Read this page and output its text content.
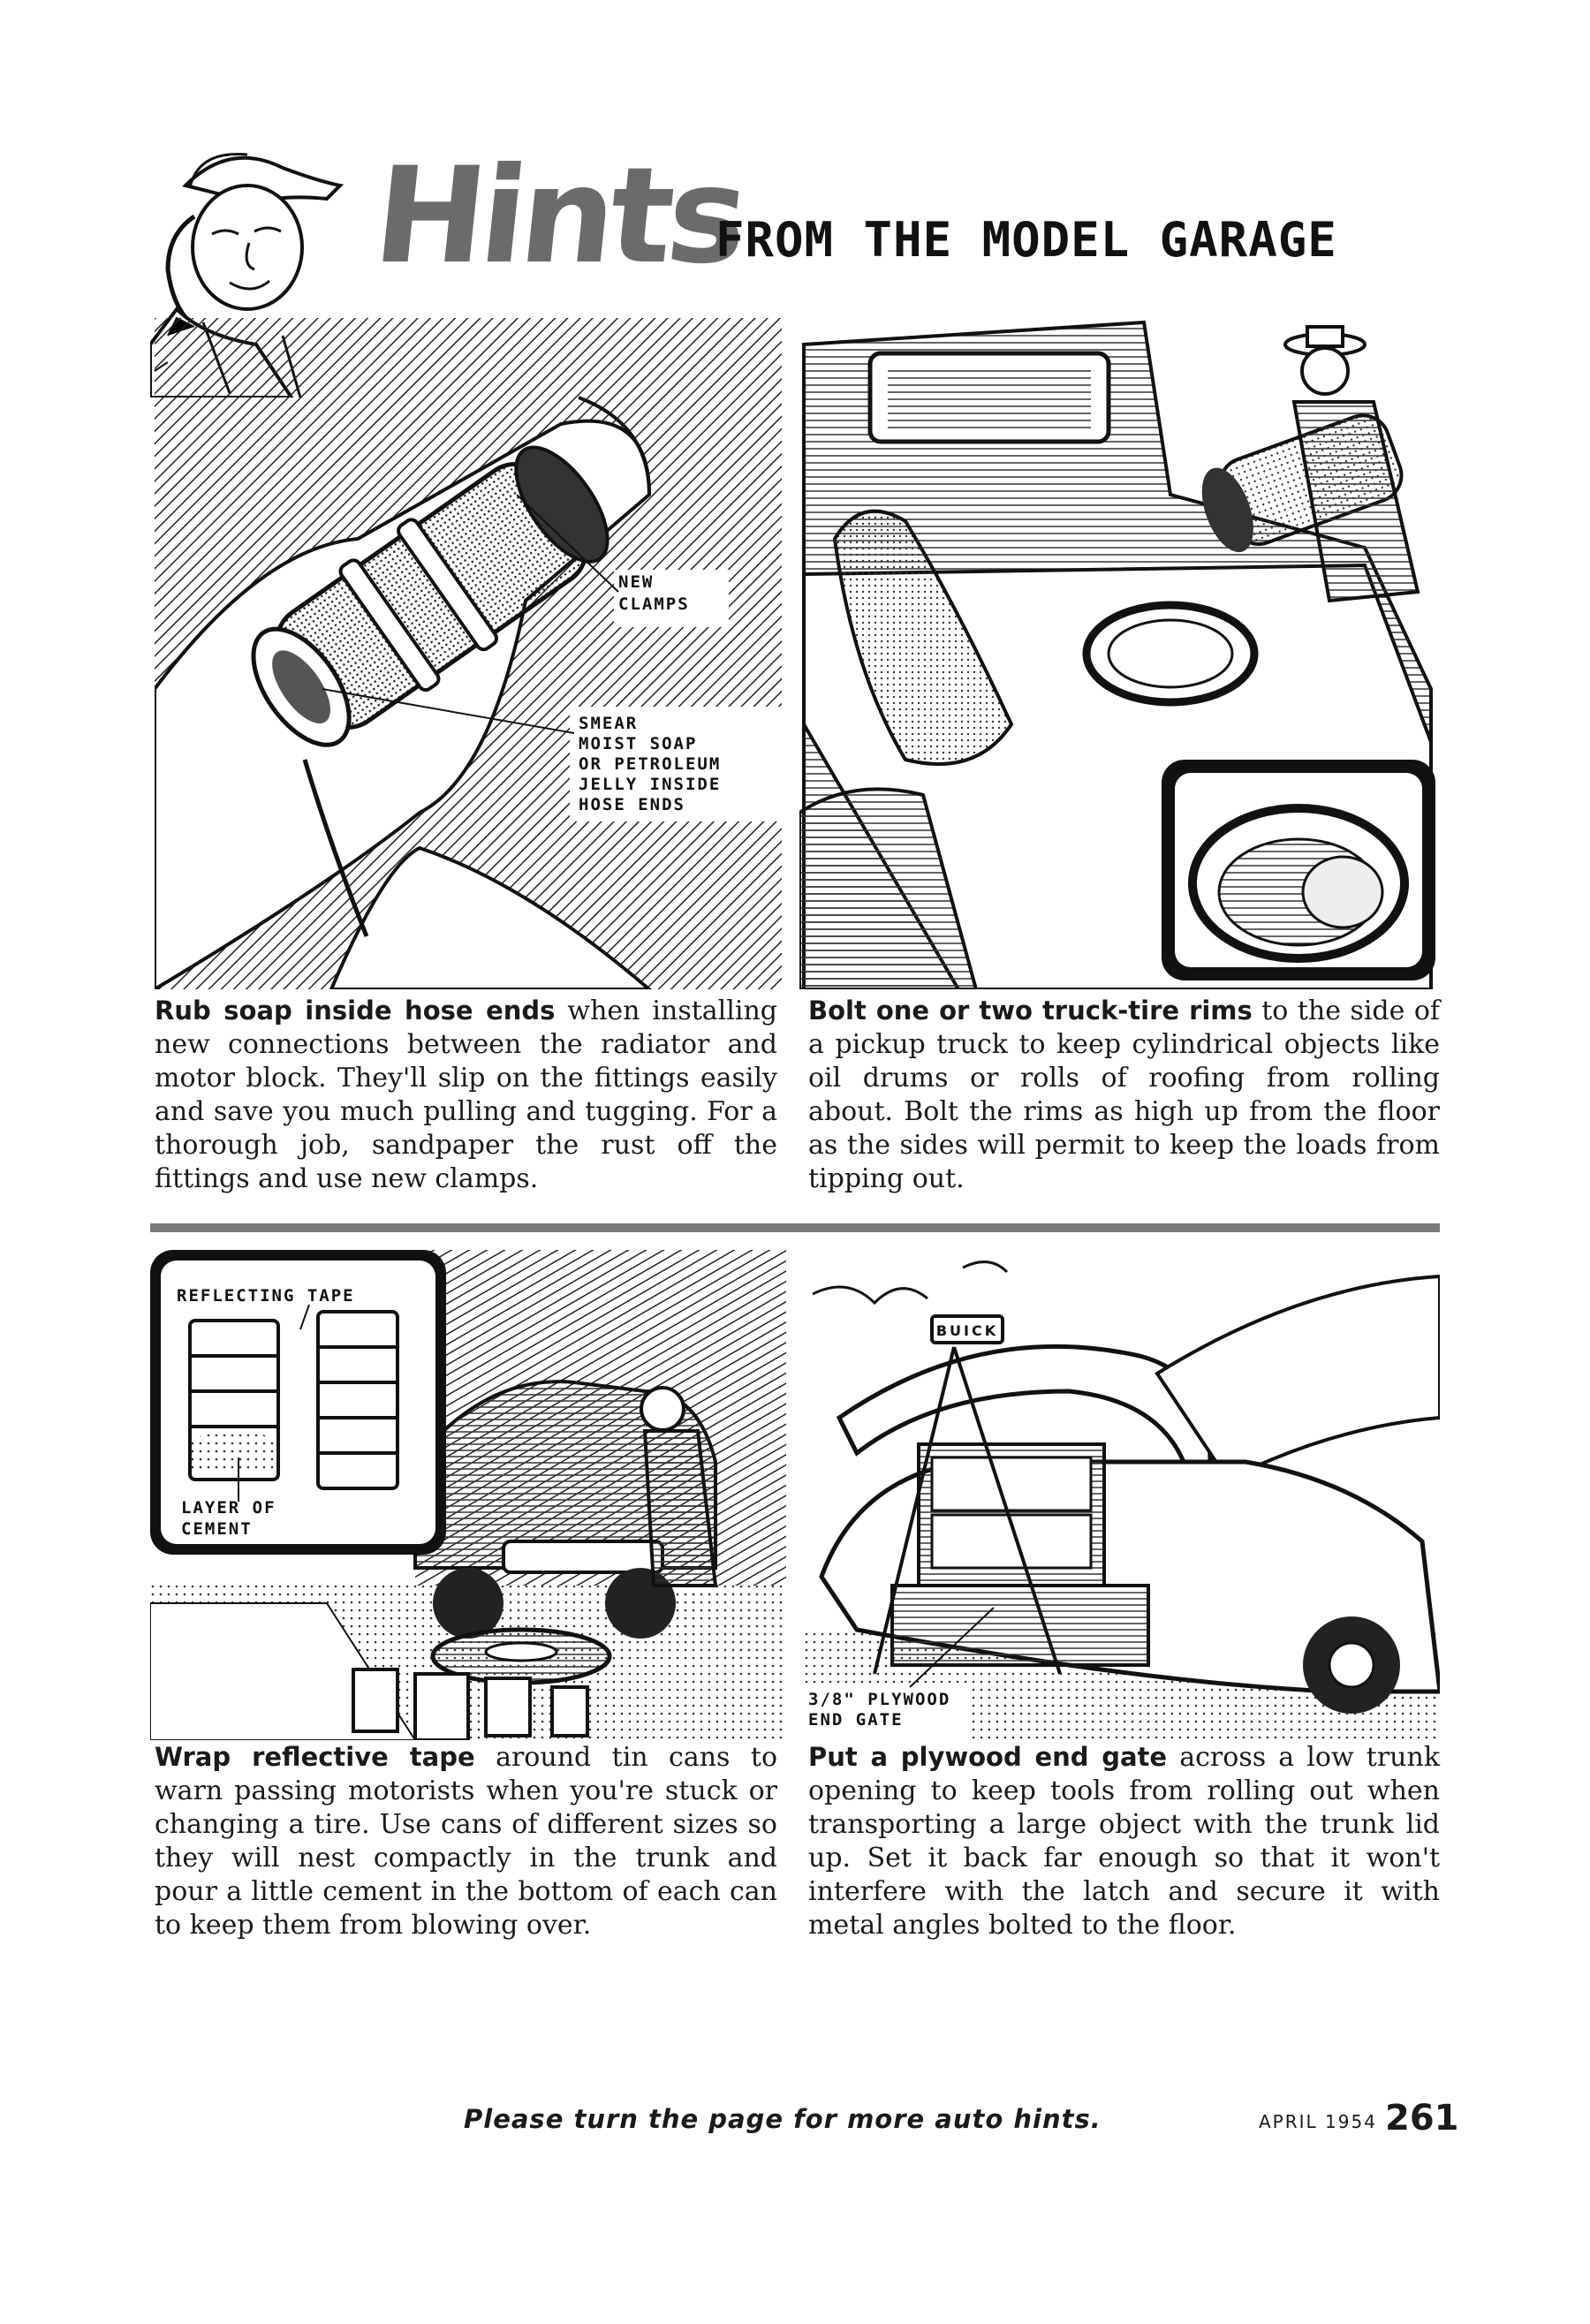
Hints
FROM THE MODEL GARAGE
NEW
CLAMPS
SMEAR
MOIST SOAP
OR PETROLEUM
JELLY INSIDE
HOSE ENDS
Rub soap inside hose ends when installing new connections between the radiator and motor block. They'll slip on the fittings easily and save you much pulling and tugging. For a thorough job, sandpaper the rust off the fittings and use new clamps.
Bolt one or two truck-tire rims to the side of a pickup truck to keep cylindrical objects like oil drums or rolls of roofing from rolling about. Bolt the rims as high up from the floor as the sides will permit to keep the loads from tipping out.
REFLECTING TAPE
LAYER OF
CEMENT
Wrap reflective tape around tin cans to warn passing motorists when you're stuck or changing a tire. Use cans of different sizes so they will nest compactly in the trunk and pour a little cement in the bottom of each can to keep them from blowing over.
BUICK
3/8" PLYWOOD
END GATE
Put a plywood end gate across a low trunk opening to keep tools from rolling out when transporting a large object with the trunk lid up. Set it back far enough so that it won't interfere with the latch and secure it with metal angles bolted to the floor.
Please turn the page for more auto hints.	APRIL 1954 261
